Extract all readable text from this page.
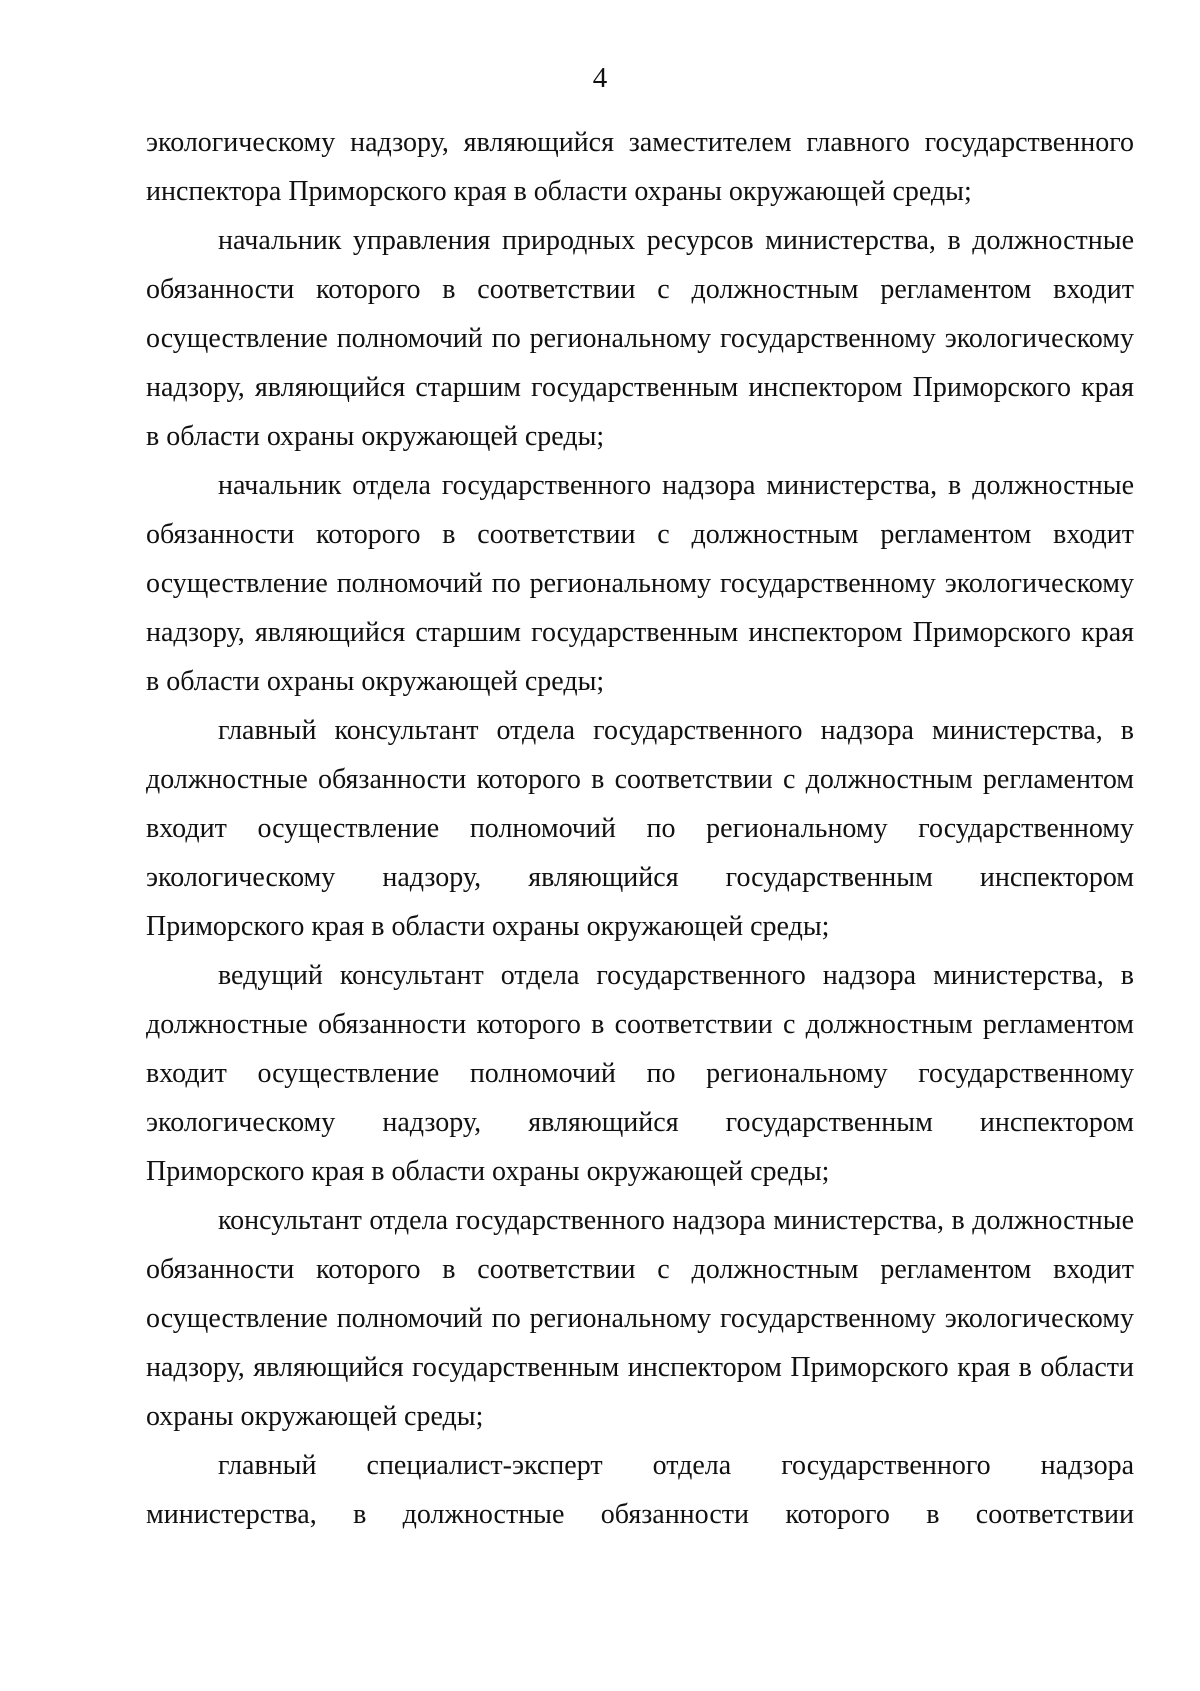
4

экологическому надзору, являющийся заместителем главного государственного инспектора Приморского края в области охраны окружающей среды;

начальник управления природных ресурсов министерства, в должностные обязанности которого в соответствии с должностным регламентом входит осуществление полномочий по региональному государственному экологическому надзору, являющийся старшим государственным инспектором Приморского края в области охраны окружающей среды;

начальник отдела государственного надзора министерства, в должностные обязанности которого в соответствии с должностным регламентом входит осуществление полномочий по региональному государственному экологическому надзору, являющийся старшим государственным инспектором Приморского края в области охраны окружающей среды;

главный консультант отдела государственного надзора министерства, в должностные обязанности которого в соответствии с должностным регламентом входит осуществление полномочий по региональному государственному экологическому надзору, являющийся государственным инспектором Приморского края в области охраны окружающей среды;

ведущий консультант отдела государственного надзора министерства, в должностные обязанности которого в соответствии с должностным регламентом входит осуществление полномочий по региональному государственному экологическому надзору, являющийся государственным инспектором Приморского края в области охраны окружающей среды;

консультант отдела государственного надзора министерства, в должностные обязанности которого в соответствии с должностным регламентом входит осуществление полномочий по региональному государственному экологическому надзору, являющийся государственным инспектором Приморского края в области охраны окружающей среды;

главный специалист-эксперт отдела государственного надзора министерства, в должностные обязанности которого в соответствии
